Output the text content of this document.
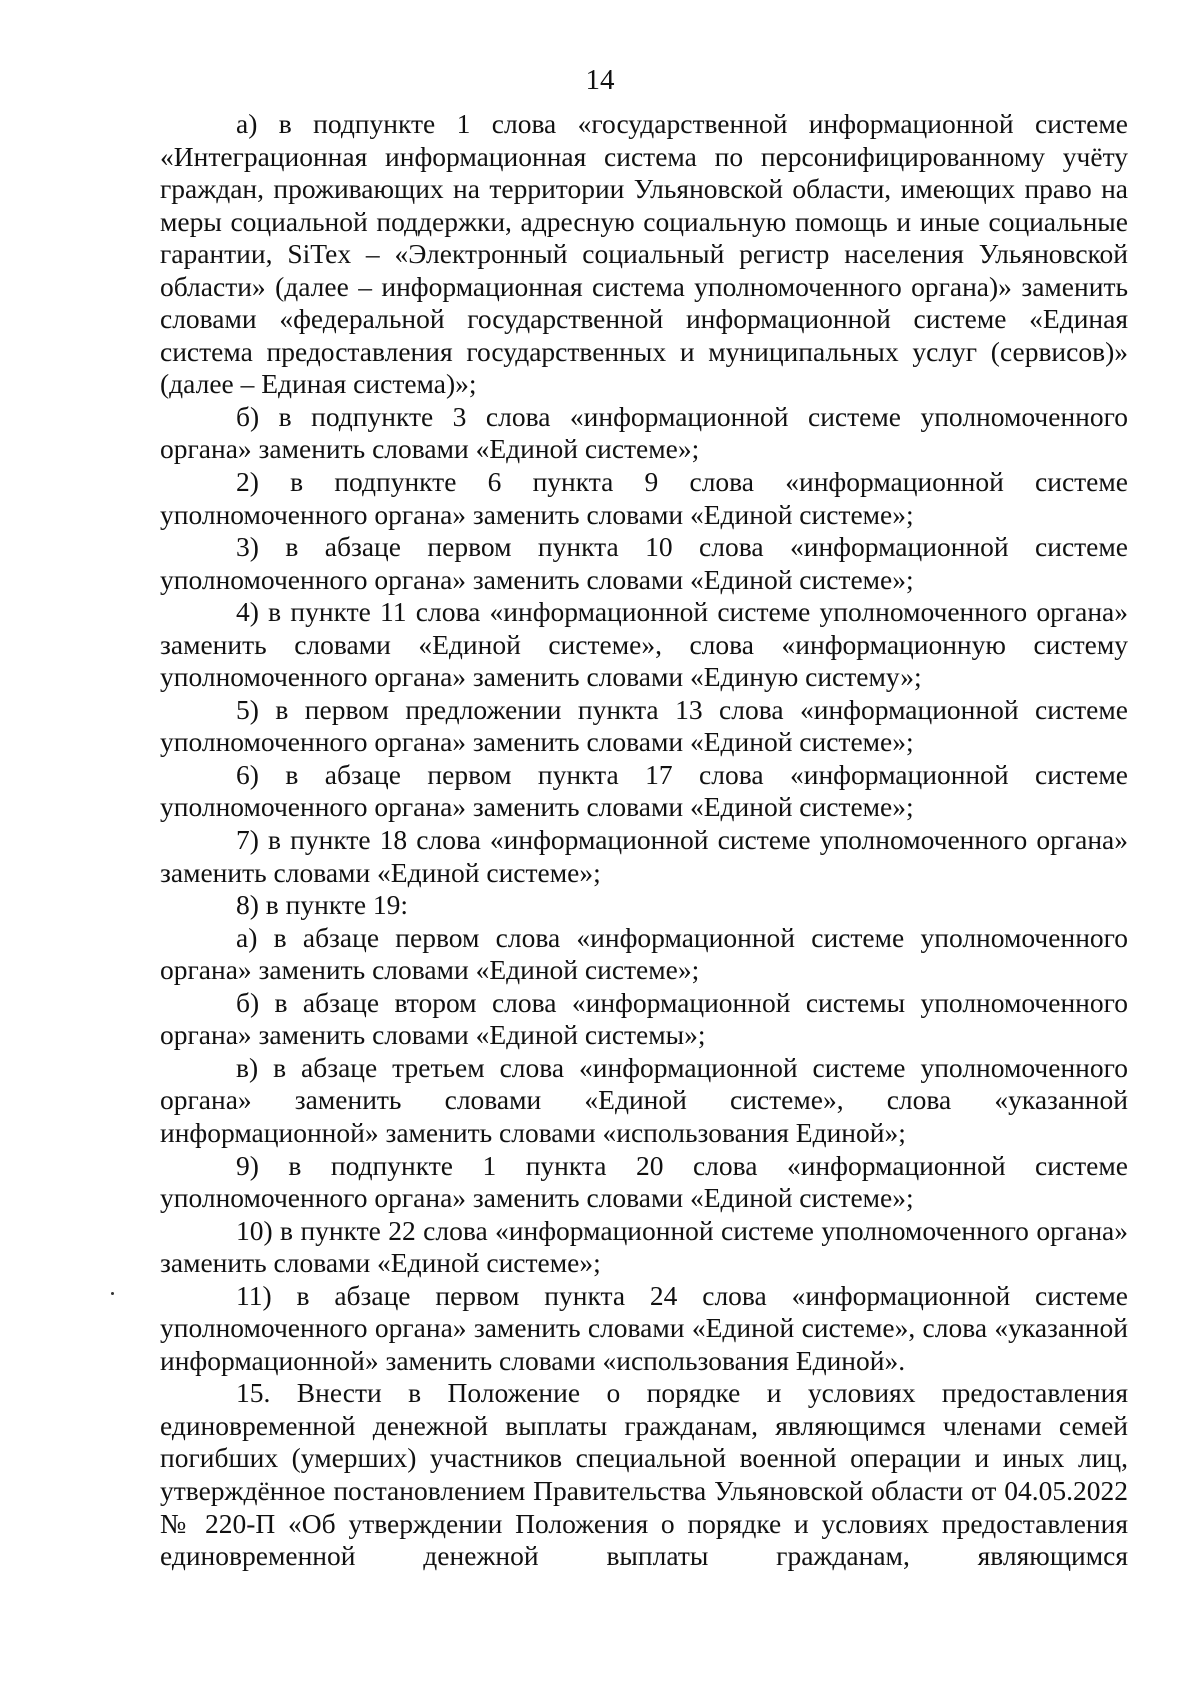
14

а) в подпункте 1 слова «государственной информационной системе «Интеграционная информационная система по персонифицированному учёту граждан, проживающих на территории Ульяновской области, имеющих право на меры социальной поддержки, адресную социальную помощь и иные социальные гарантии, SiTex – «Электронный социальный регистр населения Ульяновской области» (далее – информационная система уполномоченного органа)» заменить словами «федеральной государственной информационной системе «Единая система предоставления государственных и муниципальных услуг (сервисов)» (далее – Единая система)»;

б) в подпункте 3 слова «информационной системе уполномоченного органа» заменить словами «Единой системе»;

2) в подпункте 6 пункта 9 слова «информационной системе уполномоченного органа» заменить словами «Единой системе»;

3) в абзаце первом пункта 10 слова «информационной системе уполномоченного органа» заменить словами «Единой системе»;

4) в пункте 11 слова «информационной системе уполномоченного органа» заменить словами «Единой системе», слова «информационную систему уполномоченного органа» заменить словами «Единую систему»;

5) в первом предложении пункта 13 слова «информационной системе уполномоченного органа» заменить словами «Единой системе»;

6) в абзаце первом пункта 17 слова «информационной системе уполномоченного органа» заменить словами «Единой системе»;

7) в пункте 18 слова «информационной системе уполномоченного органа» заменить словами «Единой системе»;

8) в пункте 19:

а) в абзаце первом слова «информационной системе уполномоченного органа» заменить словами «Единой системе»;

б) в абзаце втором слова «информационной системы уполномоченного органа» заменить словами «Единой системы»;

в) в абзаце третьем слова «информационной системе уполномоченного органа» заменить словами «Единой системе», слова «указанной информационной» заменить словами «использования Единой»;

9) в подпункте 1 пункта 20 слова «информационной системе уполномоченного органа» заменить словами «Единой системе»;

10) в пункте 22 слова «информационной системе уполномоченного органа» заменить словами «Единой системе»;

11) в абзаце первом пункта 24 слова «информационной системе уполномоченного органа» заменить словами «Единой системе», слова «указанной информационной» заменить словами «использования Единой».

15. Внести в Положение о порядке и условиях предоставления единовременной денежной выплаты гражданам, являющимся членами семей погибших (умерших) участников специальной военной операции и иных лиц, утверждённое постановлением Правительства Ульяновской области от 04.05.2022 № 220-П «Об утверждении Положения о порядке и условиях предоставления единовременной денежной выплаты гражданам, являющимся
